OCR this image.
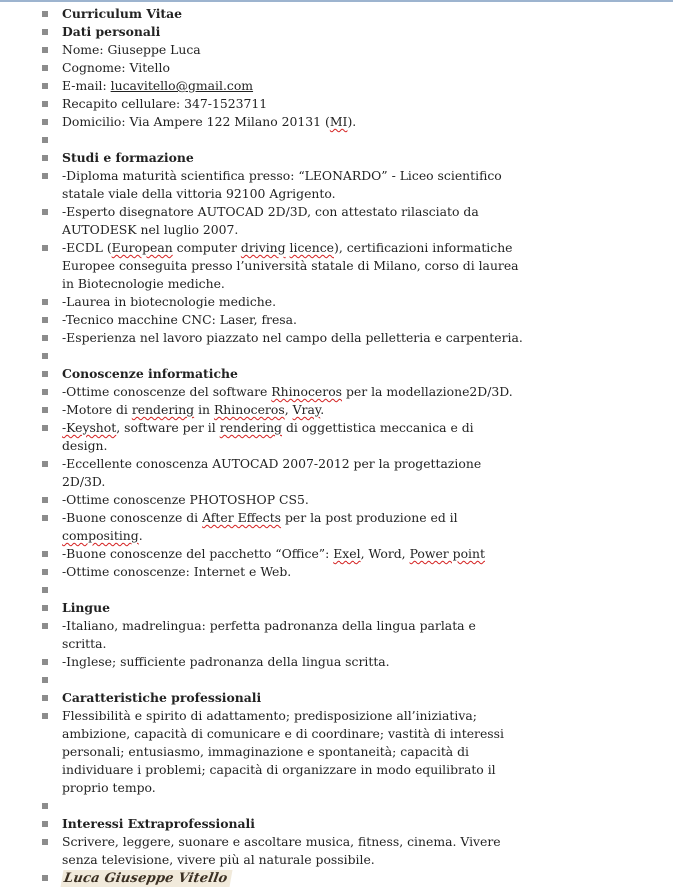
Curriculum Vitae
Dati personali
Nome: Giuseppe Luca
Cognome: Vitello
E-mail: lucavitello@gmail.com
Recapito cellulare: 347-1523711
Domicilio: Via Ampere 122 Milano 20131 (MI).
Studi e formazione
-Diploma maturità scientifica presso: “LEONARDO” - Liceo scientifico statale viale della vittoria 92100 Agrigento.
-Esperto disegnatore AUTOCAD 2D/3D, con attestato rilasciato da AUTODESK nel luglio 2007.
-ECDL (European computer driving licence), certificazioni informatiche Europee conseguita presso l’università statale di Milano, corso di laurea in Biotecnologie mediche.
-Laurea in biotecnologie mediche.
-Tecnico macchine CNC: Laser, fresa.
-Esperienza nel lavoro piazzato nel campo della pelletteria e carpenteria.
Conoscenze informatiche
-Ottime conoscenze del software Rhinoceros per la modellazione2D/3D.
-Motore di rendering in Rhinoceros, Vray.
-Keyshot, software per il rendering di oggettistica meccanica e di design.
-Eccellente conoscenza AUTOCAD 2007-2012 per la progettazione 2D/3D.
-Ottime conoscenze PHOTOSHOP CS5.
-Buone conoscenze di After Effects per la post produzione ed il compositing.
-Buone conoscenze del pacchetto “Office”: Exel, Word, Power point
-Ottime conoscenze: Internet e Web.
Lingue
-Italiano, madrelingua: perfetta padronanza della lingua parlata e scritta.
-Inglese; sufficiente padronanza della lingua scritta.
Caratteristiche professionali
Flessibilità e spirito di adattamento; predisposizione all’iniziativa; ambizione, capacità di comunicare e di coordinare; vastità di interessi personali; entusiasmo, immaginazione e spontaneità; capacità di individuare i problemi; capacità di organizzare in modo equilibrato il proprio tempo.
Interessi Extraprofessionali
Scrivere, leggere, suonare e ascoltare musica, fitness, cinema. Vivere senza televisione, vivere più al naturale possibile.
Luca Giuseppe Vitello
